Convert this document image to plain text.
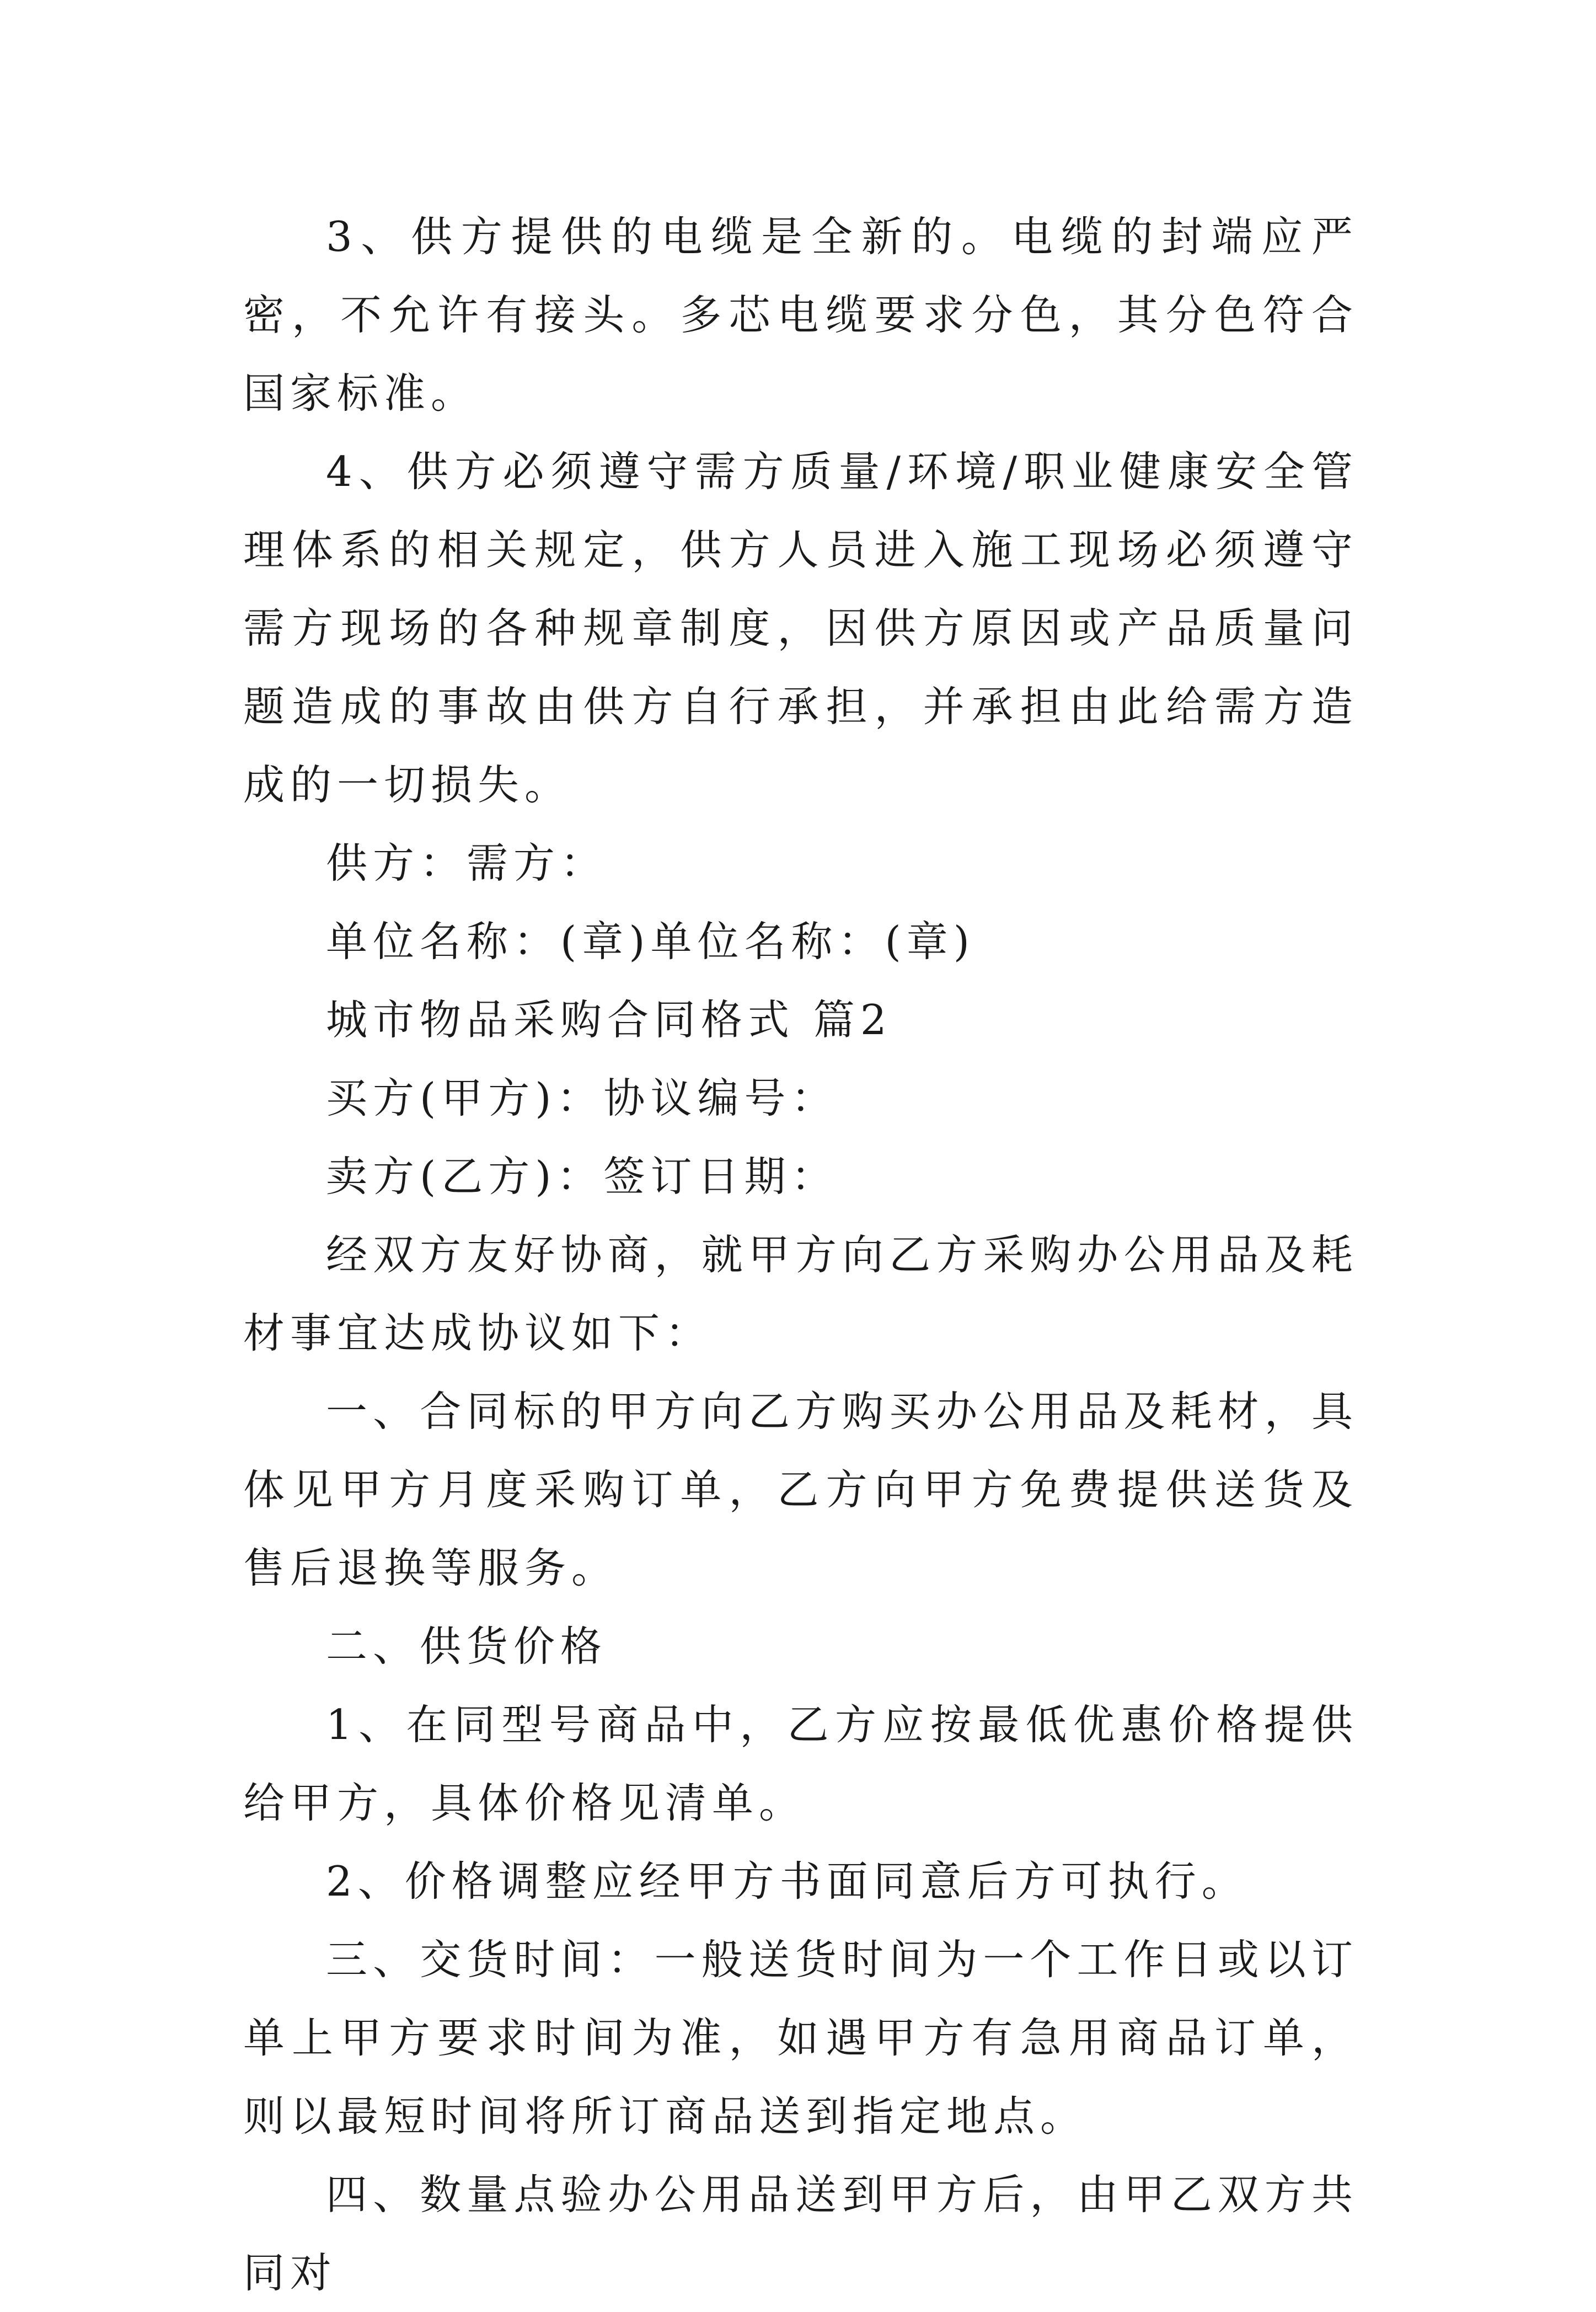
3、供方提供的电缆是全新的。电缆的封端应严密，不允许有接头。多芯电缆要求分色，其分色符合国家标准。

4、供方必须遵守需方质量/环境/职业健康安全管理体系的相关规定，供方人员进入施工现场必须遵守需方现场的各种规章制度，因供方原因或产品质量问题造成的事故由供方自行承担，并承担由此给需方造成的一切损失。

供方：需方：

单位名称：(章)单位名称：(章)

城市物品采购合同格式 篇2

买方(甲方)：协议编号：

卖方(乙方)：签订日期：

经双方友好协商，就甲方向乙方采购办公用品及耗材事宜达成协议如下：

一、合同标的甲方向乙方购买办公用品及耗材，具体见甲方月度采购订单，乙方向甲方免费提供送货及售后退换等服务。

二、供货价格

1、在同型号商品中，乙方应按最低优惠价格提供给甲方，具体价格见清单。

2、价格调整应经甲方书面同意后方可执行。

三、交货时间：一般送货时间为一个工作日或以订单上甲方要求时间为准，如遇甲方有急用商品订单，则以最短时间将所订商品送到指定地点。

四、数量点验办公用品送到甲方后，由甲乙双方共同对
